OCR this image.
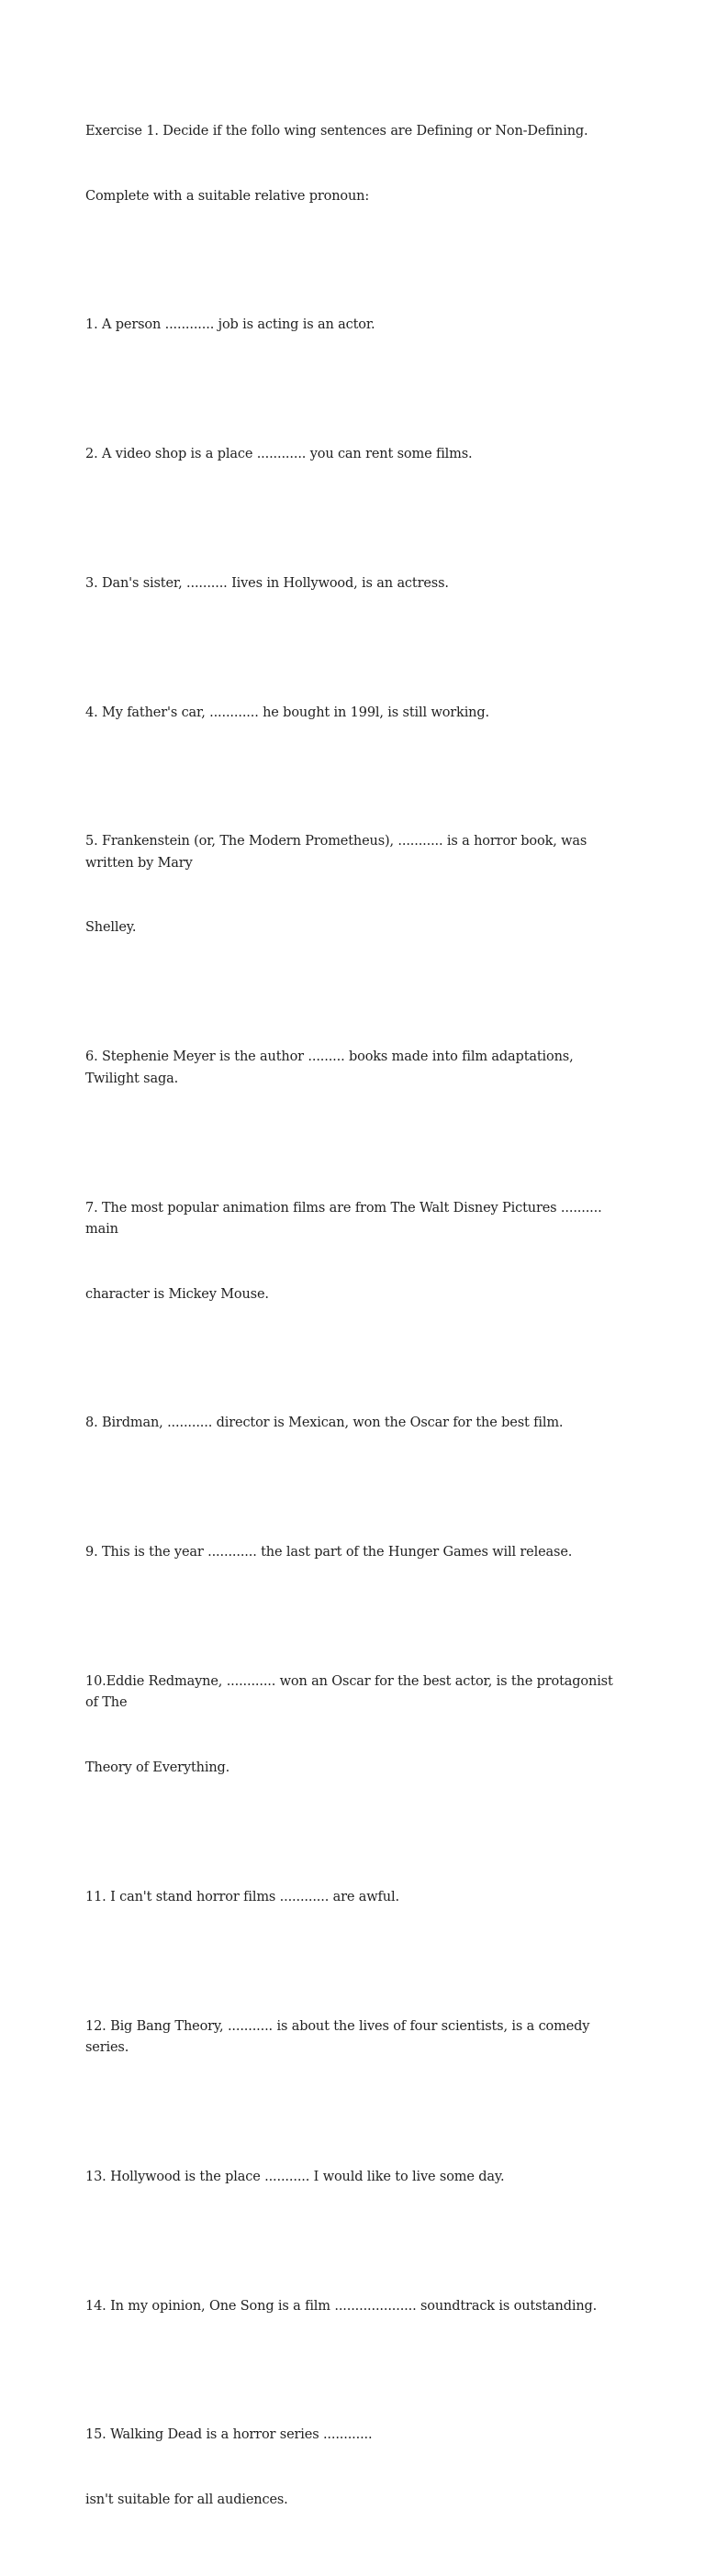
Exercise 1. Decide if the follo wing sentences are Defining or Non-Defining.

Complete with a suitable relative pronoun:

1. A person ............ job is acting is an actor.

2. A video shop is a place ............ you can rent some films.

3. Dan's sister, .......... Iives in Hollywood, is an actress.

4. My father's car, ............ he bought in 199l, is still working.

5. Frankenstein (or, The Modern Prometheus), ........... is a horror book, was written by Mary

Shelley.

6. Stephenie Meyer is the author ......... books made into film adaptations, Twilight saga.

7. The most popular animation films are from The Walt Disney Pictures .......... main

character is Mickey Mouse.

8. Birdman, ........... director is Mexican, won the Oscar for the best film.

9. This is the year ............ the last part of the Hunger Games will release.

10.Eddie Redmayne, ............ won an Oscar for the best actor, is the protagonist of The

Theory of Everything.

11. I can't stand horror films ............ are awful.

12. Big Bang Theory, ........... is about the lives of four scientists, is a comedy series.

13. Hollywood is the place ........... I would like to live some day.

14. In my opinion, One Song is a film .................... soundtrack is outstanding.

15. Walking Dead is a horror series ............

isn't suitable for all audiences.
